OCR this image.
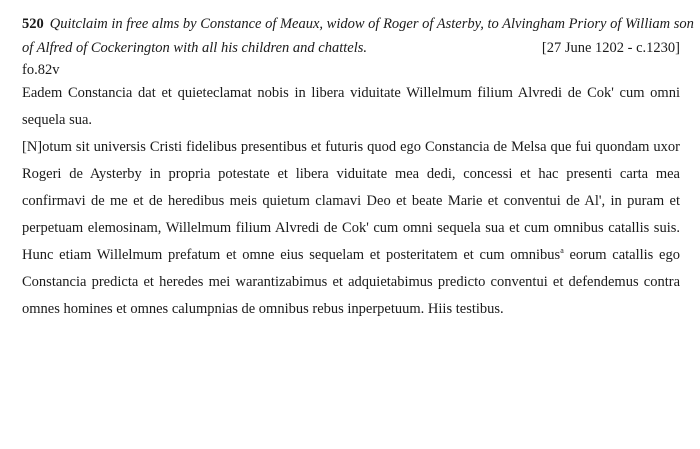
520 Quitclaim in free alms by Constance of Meaux, widow of Roger of Asterby, to Alvingham Priory of William son
of Alfred of Cockerington with all his children and chattels.	[27 June 1202 - c.1230]
fo.82v

Eadem Constancia dat et quieteclamat nobis in libera viduitate Willelmum filium Alvredi de Cok' cum omni sequela sua.

[N]otum sit universis Cristi fidelibus presentibus et futuris quod ego Constancia de Melsa que fui quondam uxor Rogeri de Aysterby in propria potestate et libera viduitate mea dedi, concessi et hac presenti carta mea confirmavi de me et de heredibus meis quietum clamavi Deo et beate Marie et conventui de Al', in puram et perpetuam elemosinam, Willelmum filium Alvredi de Cok' cum omni sequela sua et cum omnibus catallis suis. Hunc etiam Willelmum prefatum et omne eius sequelam et posteritatem et cum omnibus$^a$ eorum catallis ego Constancia predicta et heredes mei warantizabimus et adquietabimus predicto conventui et defendemus contra omnes homines et omnes calumpnias de omnibus rebus inperpetuum. Hiis testibus.
